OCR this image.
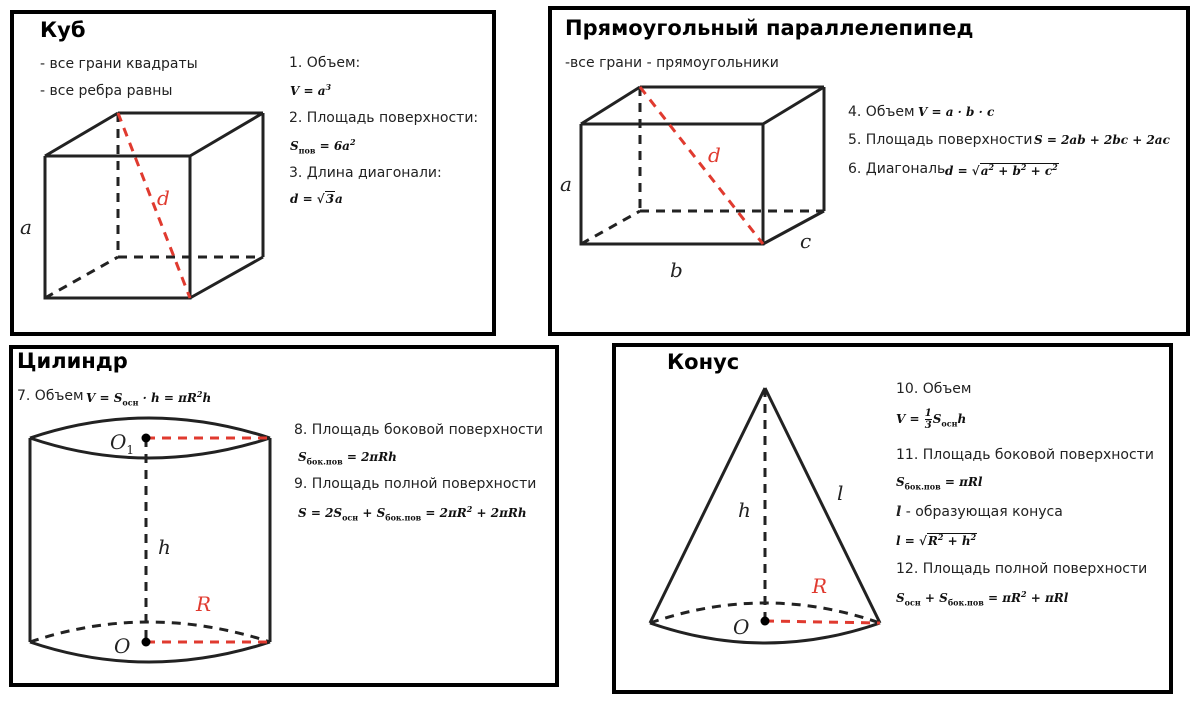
Куб
- все грани квадраты
- все ребра равны
a
d
1. Объем:
$V = a^3$
2. Площадь поверхности:
$S_{пов} = 6a^2$
3. Длина диагонали:
d = √3a
Прямоугольный параллелепипед
-все грани - прямоугольники
a
b
c
d
4. Объем V = a · b · c
5. Площадь поверхности S = 2ab + 2bc + 2ac
6. Диагональ $d = √a^2 + b^2 + c^2$
Цилиндр
7. Объем $V = S_{осн} \cdot h = \pi R^2h$
$O_1$
O
h
R
8. Площадь боковой поверхности
$S_{бок.пов} = 2\pi Rh$
9. Площадь полной поверхности
$S = 2S_{осн} + S_{бок.пов} = 2\pi R^2 + 2\pi Rh$
Конус
h
l
R
O
10. Объем
$V = \frac{1}{3} S_{осн}h$
11. Площадь боковой поверхности
$S_{бок.пов} = \pi Rl$
l - образующая конуса
$l = √R^2 + h^2$
12. Площадь полной поверхности
$S_{осн} + S_{бок.пов} = \pi R^2 + \pi Rl$
